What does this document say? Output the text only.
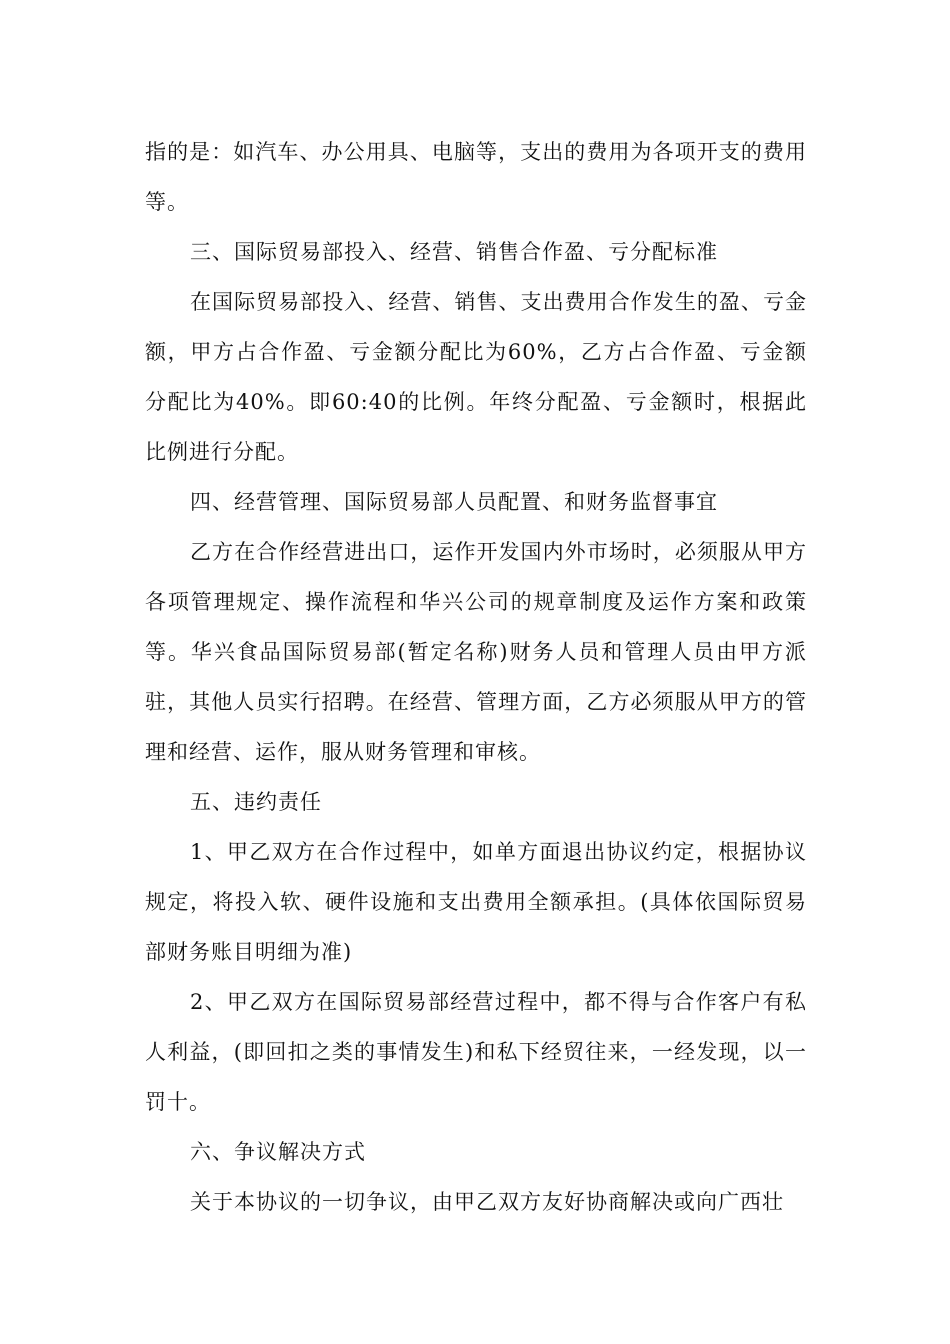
指的是：如汽车、办公用具、电脑等，支出的费用为各项开支的费用等。

三、国际贸易部投入、经营、销售合作盈、亏分配标准

在国际贸易部投入、经营、销售、支出费用合作发生的盈、亏金额，甲方占合作盈、亏金额分配比为60%，乙方占合作盈、亏金额分配比为40%。即60:40的比例。年终分配盈、亏金额时，根据此比例进行分配。

四、经营管理、国际贸易部人员配置、和财务监督事宜

乙方在合作经营进出口，运作开发国内外市场时，必须服从甲方各项管理规定、操作流程和华兴公司的规章制度及运作方案和政策等。华兴食品国际贸易部(暂定名称)财务人员和管理人员由甲方派驻，其他人员实行招聘。在经营、管理方面，乙方必须服从甲方的管理和经营、运作，服从财务管理和审核。

五、违约责任

1、甲乙双方在合作过程中，如单方面退出协议约定，根据协议规定，将投入软、硬件设施和支出费用全额承担。(具体依国际贸易部财务账目明细为准)

2、甲乙双方在国际贸易部经营过程中，都不得与合作客户有私人利益，(即回扣之类的事情发生)和私下经贸往来，一经发现，以一罚十。

六、争议解决方式

关于本协议的一切争议，由甲乙双方友好协商解决或向广西壮
